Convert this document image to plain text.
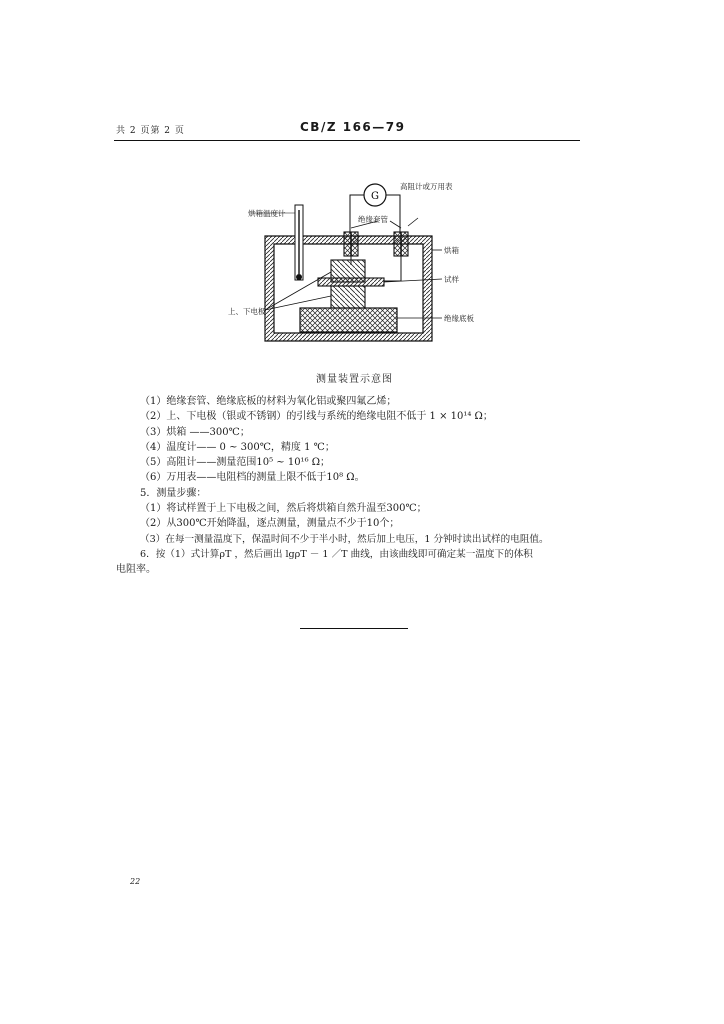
共 2 页第 2 页	CB/Z 166—79
G
高阻计或万用表
绝缘套管
烘箱温度计
烘箱
试样
上、下电极
绝缘底板
测量装置示意图
（1）绝缘套管、绝缘底板的材料为氧化铝或聚四氟乙烯；
（2）上、下电极（银或不锈钢）的引线与系统的绝缘电阻不低于 1 × 10¹⁴ Ω；
（3）烘箱 ——300℃；
（4）温度计—— 0 ~ 300℃，精度 1 ℃；
（5）高阻计——测量范围10⁵ ~ 10¹⁶ Ω；
（6）万用表——电阻档的测量上限不低于10⁸ Ω。
5．测量步骤：
（1）将试样置于上下电极之间，然后将烘箱自然升温至300℃；
（2）从300℃开始降温，逐点测量，测量点不少于10个；
（3）在每一测量温度下，保温时间不少于半小时，然后加上电压，1 分钟时读出试样的电阻值。
6．按（1）式计算ρT ，然后画出 lgρT － 1 ／T 曲线，由该曲线即可确定某一温度下的体积
电阻率。
22
